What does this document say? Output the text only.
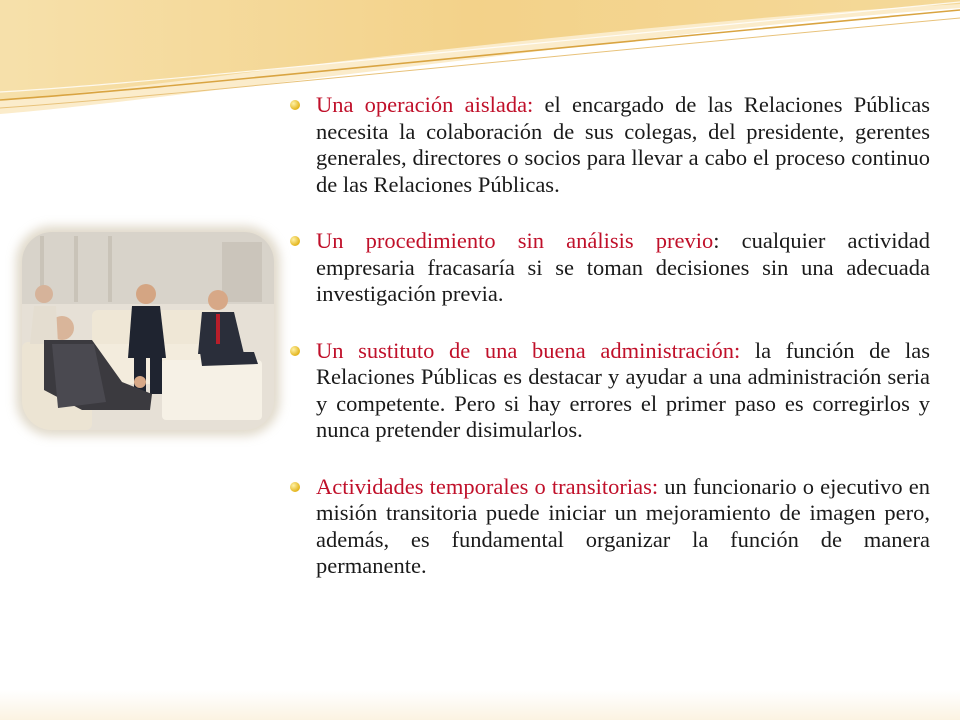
Una operación aislada: el encargado de las Relaciones Públicas necesita la colaboración de sus colegas, del presidente, gerentes generales, directores o socios para llevar a cabo el proceso continuo de las Relaciones Públicas.

Un procedimiento sin análisis previo: cualquier actividad empresaria fracasaría si se toman decisiones sin una adecuada investigación previa.

Un sustituto de una buena administración: la función de las Relaciones Públicas es destacar y ayudar a una administración seria y competente. Pero si hay errores el primer paso es corregirlos y nunca pretender disimularlos.

Actividades temporales o transitorias: un funcionario o ejecutivo en misión transitoria puede iniciar un mejoramiento de imagen pero, además, es fundamental organizar la función de manera permanente.
